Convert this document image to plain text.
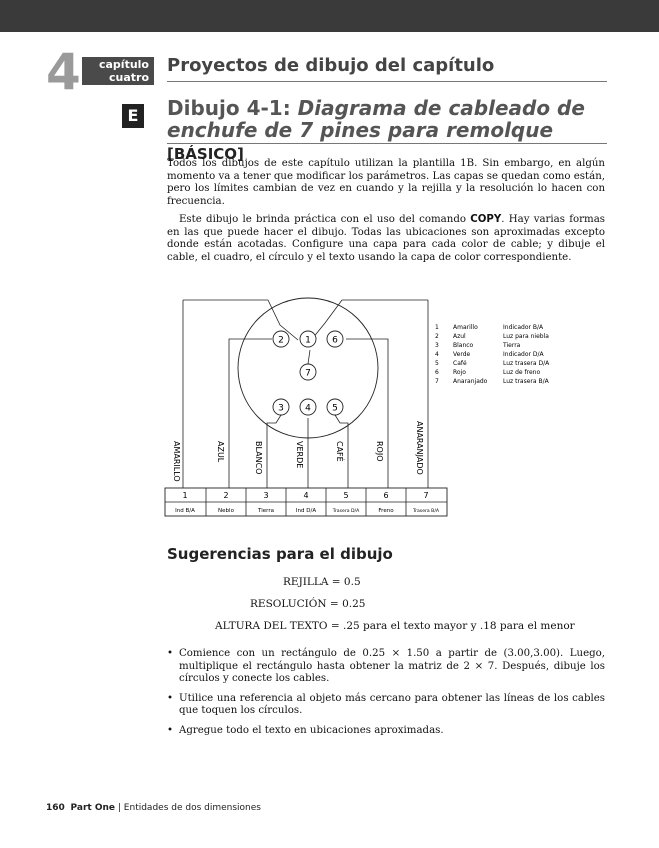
4	capítulo
cuatro
Proyectos de dibujo del capítulo
E Dibujo 4-1: Diagrama de cableado de enchufe de 7 pines para remolque [BÁSICO]
Todos los dibujos de este capítulo utilizan la plantilla 1B. Sin embargo, en algún momento va a tener que modificar los parámetros. Las capas se quedan como están, pero los límites cambian de vez en cuando y la rejilla y la resolución lo hacen con frecuencia.
Este dibujo le brinda práctica con el uso del comando COPY. Hay varias formas en las que puede hacer el dibujo. Todas las ubicaciones son aproximadas excepto donde están acotadas. Configure una capa para cada color de cable; y dibuje el cable, el cuadro, el círculo y el texto usando la capa de color correspondiente.
1
2
3 4 5
6
7
AMARILLO	AZUL	BLANCO	VERDE	CAFÉ	ROJO	ANARANJADO
1	2	3	4	5	6	7
Ind B/A	Neblo	Tierra	Ind D/A	Trasera D/A	Freno	Trasera B/A
1 Amarillo	Indicador B/A
2 Azul	Luz para niebla
3 Blanco	Tierra
4 Verde	Indicador D/A
5 Café	Luz trasera D/A
6 Rojo	Luz de freno
7 Anaranjado	Luz trasera B/A
Sugerencias para el dibujo
REJILLA = 0.5
RESOLUCIÓN = 0.25
ALTURA DEL TEXTO = .25 para el texto mayor y .18 para el menor
• Comience con un rectángulo de 0.25 × 1.50 a partir de (3.00,3.00). Luego, multiplique el rectángulo hasta obtener la matriz de 2 × 7. Después, dibuje los círculos y conecte los cables.
• Utilice una referencia al objeto más cercano para obtener las líneas de los cables que toquen los círculos.
• Agregue todo el texto en ubicaciones aproximadas.
160 Part One | Entidades de dos dimensiones
